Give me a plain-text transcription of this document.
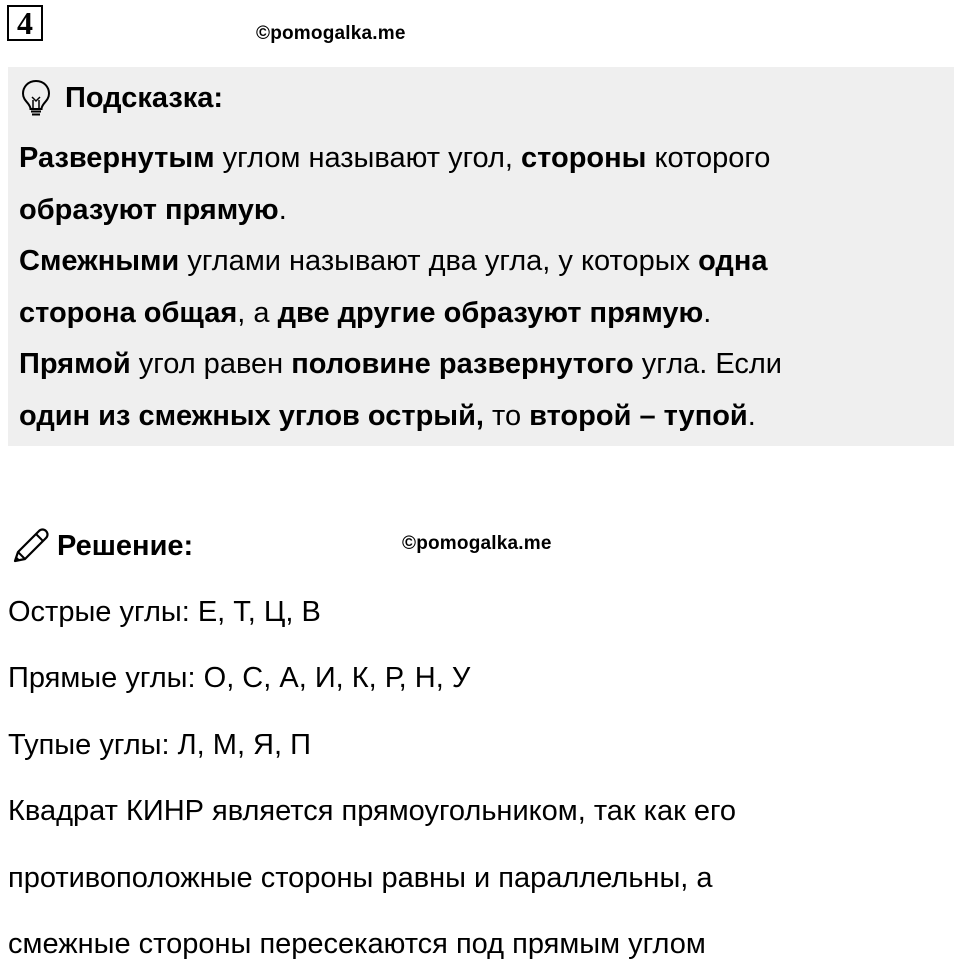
4	©pomogalka.me
Подсказка:
Развернутым углом называют угол, стороны которого
образуют прямую.
Смежными углами называют два угла, у которых одна
сторона общая, а две другие образуют прямую.
Прямой угол равен половине развернутого угла. Если
один из смежных углов острый, то второй – тупой.
Решение:	©pomogalka.me
Острые углы: Е, Т, Ц, В
Прямые углы: О, С, А, И, К, Р, Н, У
Тупые углы: Л, М, Я, П
Квадрат КИНР является прямоугольником, так как его
противоположные стороны равны и параллельны, а
смежные стороны пересекаются под прямым углом
